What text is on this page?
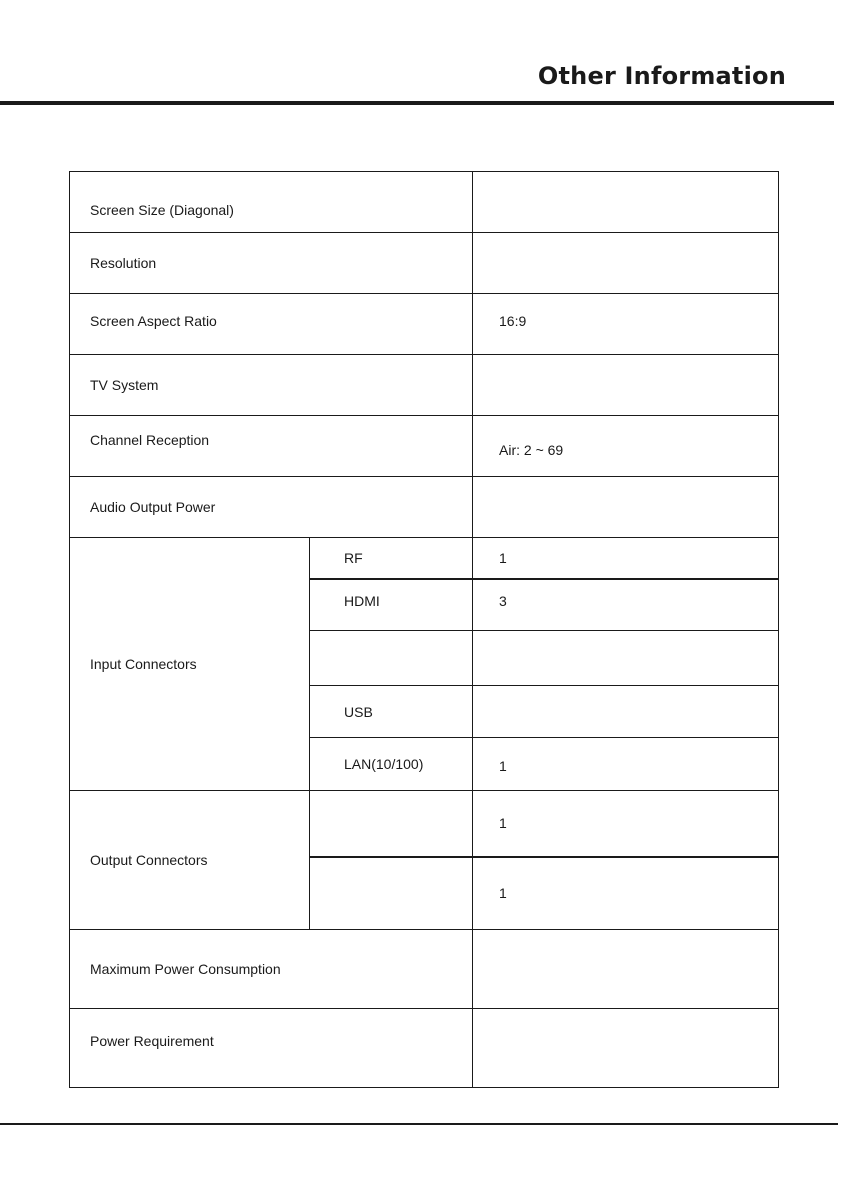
Other Information
Screen Size (Diagonal)		
Resolution		
Screen Aspect Ratio		16:9
TV System		
Channel Reception		Air: 2 ~ 69
Audio Output Power		
Input Connectors	RF	1
	HDMI	3

	USB	
	LAN(10/100)	1
Output Connectors		1
		1
Maximum Power Consumption		
Power Requirement		
